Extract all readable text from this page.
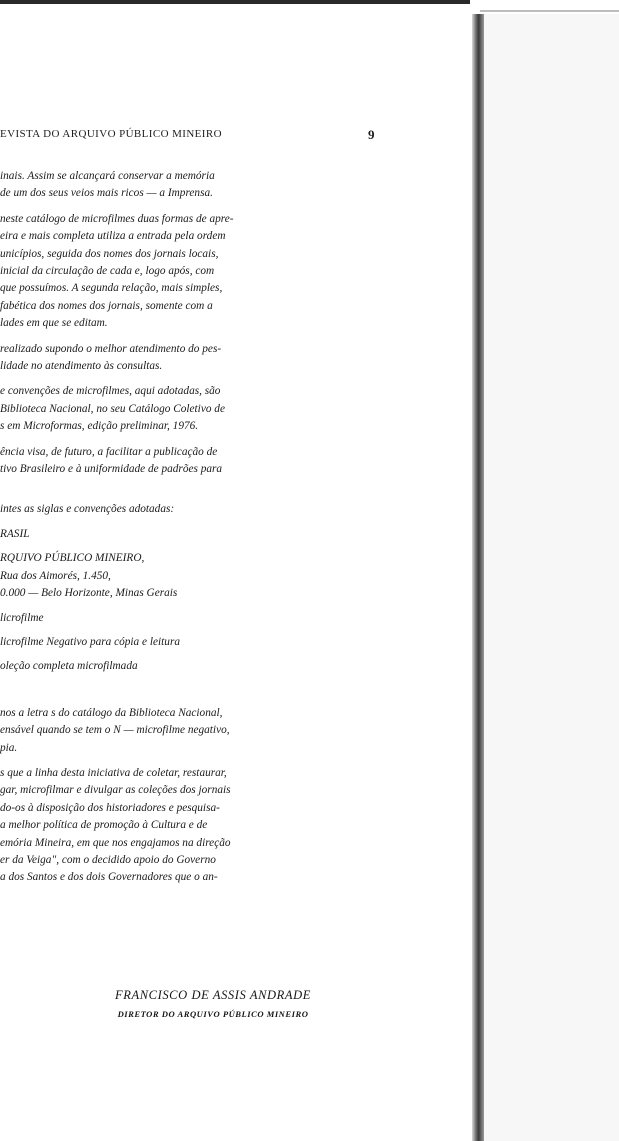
EVISTA DO ARQUIVO PÚBLICO MINEIRO	9
inais. Assim se alcançará conservar a memória
de um dos seus veios mais ricos — a Imprensa.
neste catálogo de microfilmes duas formas de apre-
eira e mais completa utiliza a entrada pela ordem
unicípios, seguida dos nomes dos jornais locais,
inicial da circulação de cada e, logo após, com
que possuímos. A segunda relação, mais simples,
fabética dos nomes dos jornais, somente com a
lades em que se editam.
realizado supondo o melhor atendimento do pes-
lidade no atendimento às consultas.
e convenções de microfilmes, aqui adotadas, são
Biblioteca Nacional, no seu Catálogo Coletivo de
s em Microformas, edição preliminar, 1976.
ência visa, de futuro, a facilitar a publicação de
tivo Brasileiro e à uniformidade de padrões para
intes as siglas e convenções adotadas:
RASIL
RQUIVO PÚBLICO MINEIRO,
Rua dos Aimorés, 1.450,
0.000 — Belo Horizonte, Minas Gerais
licrofilme
licrofilme Negativo para cópia e leitura
oleção completa microfilmada
nos a letra s do catálogo da Biblioteca Nacional,
ensável quando se tem o N — microfilme negativo,
pia.
s que a linha desta iniciativa de coletar, restaurar,
gar, microfilmar e divulgar as coleções dos jornais
do-os à disposição dos historiadores e pesquisa-
a melhor política de promoção à Cultura e de
emória Mineira, em que nos engajamos na direção
er da Veiga", com o decidido apoio do Governo
a dos Santos e dos dois Governadores que o an-
FRANCISCO DE ASSIS ANDRADE
DIRETOR DO ARQUIVO PÚBLICO MINEIRO
